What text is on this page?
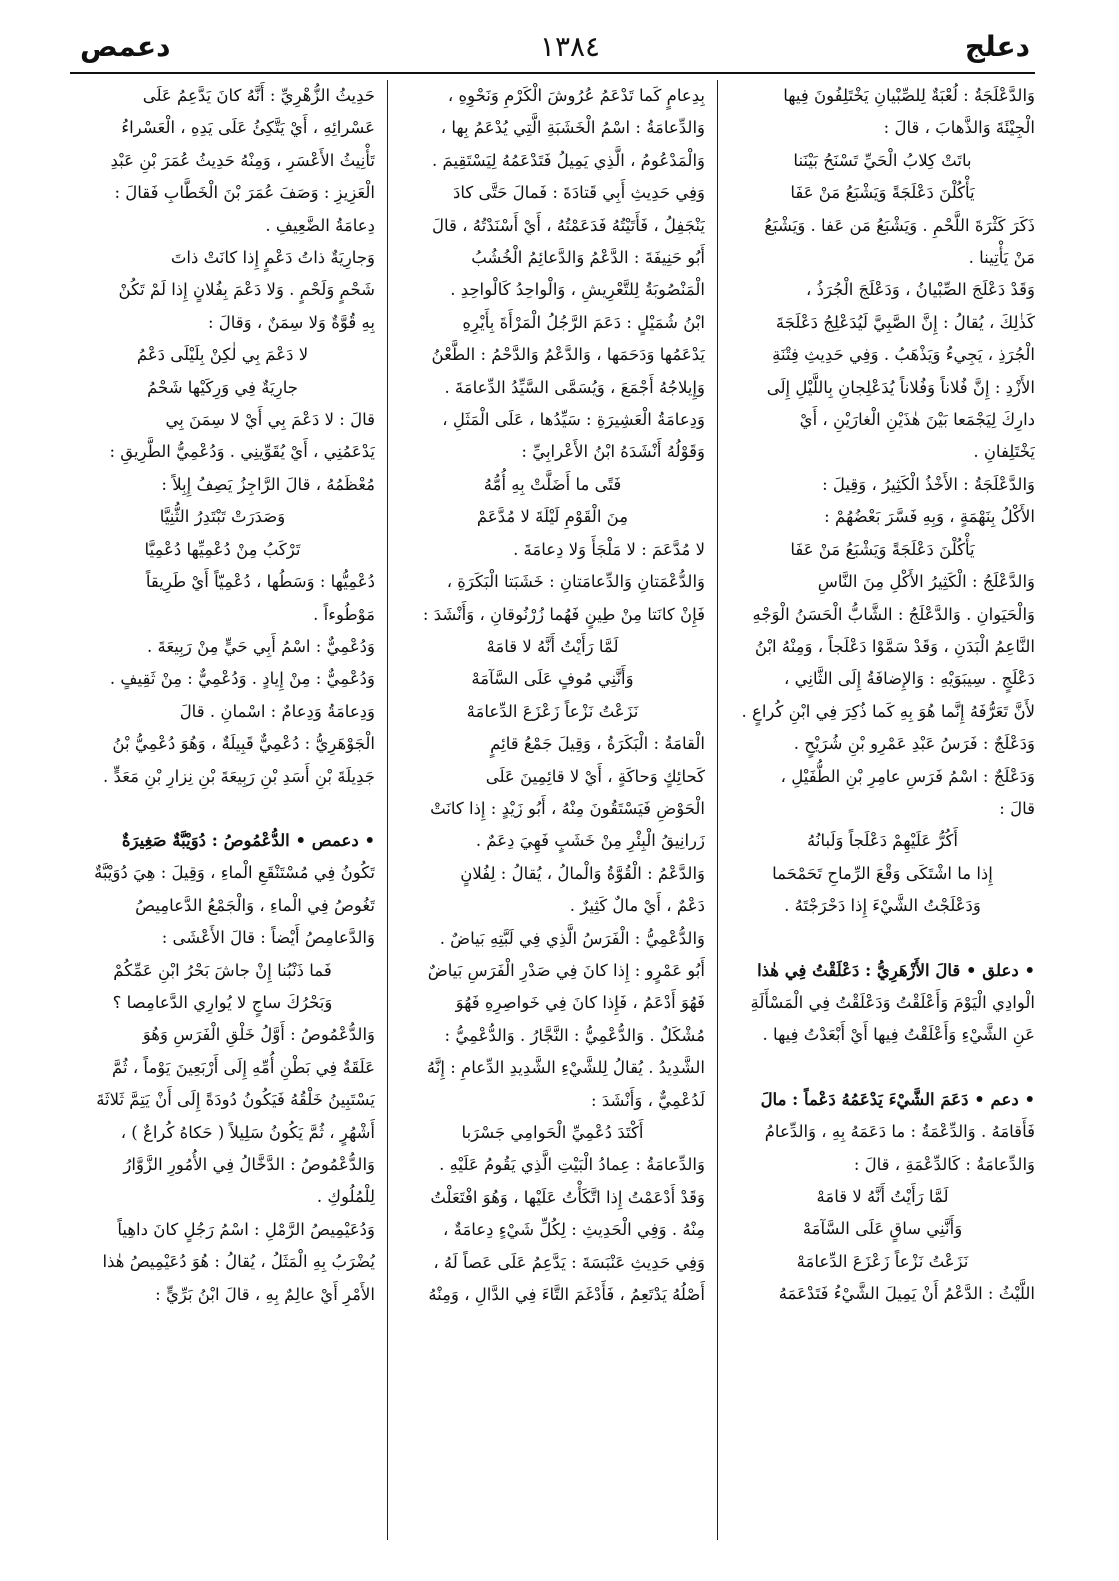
دعلج
١٣٨٤
دعمص

وَالدَّعْلَجَةُ : لُعْبَةٌ لِلصِّبْيانِ يَخْتَلِفُونَ فِيها

الْجِيْئَةَ وَالذَّهابَ ، قالَ :

باتَتْ كِلابُ الْحَيِّ تَسْنَحُ بَيْنَنا

يَأْكُلْنَ دَعْلَجَةً وَيَشْبَعُ مَنْ عَفَا

ذَكَرَ كَثْرَةَ اللَّحْمِ . وَيَشْبَعُ مَن عَفا . وَيَشْبَعُ

مَنْ يَأْتِينا .

وَقَدْ دَعْلَجَ الصِّبْيانُ ، وَدَعْلَجَ الْجُرَذُ ،

كَذٰلِكَ ، يُقالُ : إِنَّ الصَّبِيَّ لَيُدَعْلِجُ دَعْلَجَةَ

الْجُرَذِ ، يَجِيءُ وَيَذْهَبُ . وَفِي حَدِيثِ فِتْنَةِ

الأَزْدِ : إِنَّ فُلاناً وَفُلاناً يُدَعْلِجانِ بِاللَّيْلِ إِلَى

دارِكَ لِيَجْمَعا بَيْنَ هٰذَيْنِ الْغارَيْنِ ، أَيْ

يَخْتَلِفانِ .

وَالدَّعْلَجَةُ : الأَخْذُ الْكَثِيرُ ، وَقِيلَ :

الأَكْلُ بِنَهْمَةٍ ، وَبِهِ فَسَّرَ بَعْضُهُمْ :

يَأْكُلْنَ دَعْلَجَةً وَيَشْبَعُ مَنْ عَفَا

وَالدَّعْلَجُ : الْكَثِيرُ الأَكْلِ مِنَ النَّاسِ

وَالْحَيَوانِ . وَالدَّعْلَجُ : الشَّابُّ الْحَسَنُ الْوَجْهِ

النَّاعِمُ الْبَدَنِ ، وَقَدْ سَمَّوْا دَعْلَجاً ، وَمِنْهُ ابْنُ

دَعْلَجٍ . سِيبَوَيْهِ : وَالإِضافَةُ إِلَى الثَّانِي ،

لأَنَّ تَعَرُّفَهُ إِنَّما هُوَ بِهِ كَما ذُكِرَ فِي ابْنِ كُراعٍ .

وَدَعْلَجٌ : فَرَسُ عَبْدِ عَمْرِو بْنِ شُرَيْحٍ .

وَدَعْلَجٌ : اسْمُ فَرَسِ عامِرِ بْنِ الطُّفَيْلِ ،

قالَ :

أَكُرُّ عَلَيْهِمْ دَعْلَجاً وَلَبانُهُ

إِذا ما اشْتَكَى وَقْعَ الرِّماحِ تَحَمْحَما

وَدَعْلَجْتُ الشَّيْءَ إِذا دَحْرَجْتَهُ .

• دعلق • قالَ الأَزْهَرِيُّ : دَعْلَقْتُ فِي هٰذا

الْوادِي الْيَوْمَ وَأَعْلَقْتُ وَدَعْلَقْتُ فِي الْمَسْأَلَةِ

عَنِ الشَّيْءِ وَأَعْلَقْتُ فِيها أَيْ أَبْعَدْتُ فِيها .

• دعم • دَعَمَ الشَّيْءَ يَدْعَمُهُ دَعْماً : مالَ

فَأَقامَهُ . وَالدِّعْمَةُ : ما دَعَمَهُ بِهِ ، وَالدِّعامُ

وَالدِّعامَةُ : كَالدِّعْمَةِ ، قالَ :

لَمَّا رَأَيْتُ أَنَّهُ لا قامَهْ

وَأَنَّنِي ساقٍ عَلَى السَّآمَهْ

نَزَعْتُ نَزْعاً زَعْزَعَ الدِّعامَهْ

اللَّيْثُ : الدَّعْمُ أَنْ يَمِيلَ الشَّيْءُ فَتَدْعَمَهُ

بِدِعامٍ كَما تَدْعَمُ عُرُوشَ الْكَرْمِ وَنَحْوِهِ ،

وَالدِّعامَةُ : اسْمُ الْخَشَبَةِ الَّتِي يُدْعَمُ بِها ،

وَالْمَدْعُومُ ، الَّذِي يَمِيلُ فَتَدْعَمُهُ لِيَسْتَقِيمَ .

وَفِي حَدِيثِ أَبِي قَتادَةَ : فَمالَ حَتَّى كادَ

يَنْجَفِلُ ، فَأَتَيْتُهُ فَدَعَمْتُهُ ، أَيْ أَسْنَدْتُهُ ، قالَ

أَبُو حَنِيفَةَ : الدَّعْمُ وَالدَّعائِمُ الْخُشُبُ

الْمَنْصُوبَةُ لِلتَّعْرِيشِ ، وَالْواحِدُ كَالْواحِدِ .

ابْنُ شُمَيْلٍ : دَعَمَ الرَّجُلُ الْمَرْأَةَ بِأَيْرِهِ

يَدْعَمُها وَدَحَمَها ، وَالدَّعْمُ وَالدَّحْمُ : الطَّعْنُ

وَإِيلاجُهُ أَجْمَعَ ، وَيُسَمَّى السَّيِّدُ الدِّعامَةَ .

وَدِعامَةُ الْعَشِيرَةِ : سَيِّدُها ، عَلَى الْمَثَلِ ،

وَقَوْلُهُ أَنْشَدَهُ ابْنُ الأَعْرابِيِّ :

فَتًى ما أَضَلَّتْ بِهِ أُمُّهُ

مِنَ الْقَوْمِ لَيْلَةَ لا مُدَّعَمْ

لا مُدَّعَمَ : لا مَلْجَأَ وَلا دِعامَةَ .

وَالدُّعْمَتانِ وَالدِّعامَتانِ : خَشَبَتا الْبَكَرَةِ ،

فَإِنْ كانَتا مِنْ طِينٍ فَهُما زُرْنُوقانِ ، وَأَنْشَدَ :

لَمَّا رَأَيْتُ أَنَّهُ لا قامَهْ

وَأَنَّنِي مُوفٍ عَلَى السَّآمَهْ

نَزَعْتُ نَزْعاً زَعْزَعَ الدِّعامَهْ

الْقامَةُ : الْبَكَرَةُ ، وَقِيلَ جَمْعُ قائِمٍ

كَحائِكٍ وَحاكَةٍ ، أَيْ لا قائِمِينَ عَلَى

الْحَوْضِ فَيَسْتَقُونَ مِنْهُ ، أَبُو زَيْدٍ : إِذا كانَتْ

زَرانِيقُ الْبِئْرِ مِنْ خَشَبٍ فَهِيَ دِعَمٌ .

وَالدَّعْمُ : الْقُوَّةُ وَالْمالُ ، يُقالُ : لِفُلانٍ

دَعْمٌ ، أَيْ مالٌ كَثِيرٌ .

وَالدُّعْمِيُّ : الْفَرَسُ الَّذِي فِي لَبَّتِهِ بَياضٌ .

أَبُو عَمْرٍو : إِذا كانَ فِي صَدْرِ الْفَرَسِ بَياضٌ

فَهُوَ أَدْعَمُ ، فَإِذا كانَ فِي خَواصِرِهِ فَهُوَ

مُشْكَلٌ . وَالدُّعْمِيُّ : النَّجَّارُ . وَالدُّعْمِيُّ :

الشَّدِيدُ . يُقالُ لِلشَّيْءِ الشَّدِيدِ الدِّعامِ : إِنَّهُ

لَدُعْمِيٌّ ، وَأَنْشَدَ :

أَكْتَدَ دُعْمِيِّ الْحَوامِي جَسْرَبا

وَالدِّعامَةُ : عِمادُ الْبَيْتِ الَّذِي يَقُومُ عَلَيْهِ .

وَقَدْ أَدْعَمْتُ إِذا اتَّكَأْتُ عَلَيْها ، وَهُوَ افْتَعَلْتُ

مِنْهُ . وَفِي الْحَدِيثِ : لِكُلِّ شَيْءٍ دِعامَةٌ ،

وَفِي حَدِيثِ عَنْبَسَةَ : يَدَّعِمُ عَلَى عَصاً لَهُ ،

أَصْلُهُ يَدْتَعِمُ ، فَأَدْغَمَ التَّاءَ فِي الدَّالِ ، وَمِنْهُ

حَدِيثُ الزُّهْرِيِّ : أَنَّهُ كانَ يَدَّعِمُ عَلَى

عَسْرائِهِ ، أَيْ يَتَّكِئُ عَلَى يَدِهِ ، الْعَسْراءُ

تَأْنِيثُ الأَعْسَرِ ، وَمِنْهُ حَدِيثُ عُمَرَ بْنِ عَبْدِ

الْعَزِيزِ : وَصَفَ عُمَرَ بْنَ الْخَطَّابِ فَقالَ :

دِعامَةُ الضَّعِيفِ .

وَجارِيَةٌ ذاتُ دَعْمٍ إِذا كانَتْ ذاتَ

شَحْمٍ وَلَحْمٍ . وَلا دَعْمَ بِفُلانٍ إِذا لَمْ تَكُنْ

بِهِ قُوَّةٌ وَلا سِمَنٌ ، وَقالَ :

لا دَعْمَ بِي لٰكِنْ بِلَيْلَى دَعْمُ

جارِيَةٌ فِي وَرِكَيْها شَحْمُ

قالَ : لا دَعْمَ بِي أَيْ لا سِمَنَ بِي

يَدْعَمُنِي ، أَيْ يُقَوِّينِي . وَدُعْمِيُّ الطَّرِيقِ :

مُعْظَمُهُ ، قالَ الرَّاجِزُ يَصِفُ إِبِلاً :

وَصَدَرَتْ تَبْتَدِرُ الثُّنِيَّا

تَرْكَبُ مِنْ دُعْمِيِّها دُعْمِيَّا

دُعْمِيُّها : وَسَطُها ، دُعْمِيّاً أَيْ طَرِيقاً

مَوْطُوءاً .

وَدُعْمِيٌّ : اسْمُ أَبِي حَيٍّ مِنْ رَبِيعَةَ .

وَدُعْمِيٌّ : مِنْ إِيادٍ . وَدُعْمِيٌّ : مِنْ ثَقِيفٍ .

وَدِعامَةُ وَدِعامٌ : اسْمانِ . قالَ

الْجَوْهَرِيُّ : دُعْمِيٌّ قَبِيلَةٌ ، وَهُوَ دُعْمِيُّ بْنُ

جَدِيلَةَ بْنِ أَسَدِ بْنِ رَبِيعَةَ بْنِ نِزارِ بْنِ مَعَدٍّ .

• دعمص • الدُّعْمُوصُ : دُوَيْبَّةٌ صَغِيرَةٌ

تَكُونُ فِي مُسْتَنْقَعِ الْماءِ ، وَقِيلَ : هِيَ دُوَيْبَّةٌ

تَغُوصُ فِي الْماءِ ، وَالْجَمْعُ الدَّعامِيصُ

وَالدَّعامِصُ أَيْضاً : قالَ الأَعْشَى :

فَما ذَنْبُنا إِنْ جاشَ بَحْرُ ابْنِ عَمِّكُمْ

وَبَحْرُكَ ساجٍ لا يُوارِي الدَّعامِصا ؟

وَالدُّعْمُوصُ : أَوَّلُ خَلْقِ الْفَرَسِ وَهُوَ

عَلَقَةٌ فِي بَطْنِ أُمِّهِ إِلَى أَرْبَعِينَ يَوْماً ، ثُمَّ

يَسْتَبِينُ خَلْقُهُ فَيَكُونُ دُودَةً إِلَى أَنْ يَتِمَّ ثَلاثَةَ

أَشْهُرٍ ، ثُمَّ يَكُونُ سَلِيلاً ( حَكاهُ كُراعٌ ) ،

وَالدُّعْمُوصُ : الدَّخَّالُ فِي الأُمُورِ الزَّوَّارُ

لِلْمُلُوكِ .

وَدُعَيْمِيصُ الرَّمْلِ : اسْمُ رَجُلٍ كانَ داهِياً

يُضْرَبُ بِهِ الْمَثَلُ ، يُقالُ : هُوَ دُعَيْمِيصُ هٰذا

الأَمْرِ أَيْ عالِمٌ بِهِ ، قالَ ابْنُ بَرِّيٍّ :
